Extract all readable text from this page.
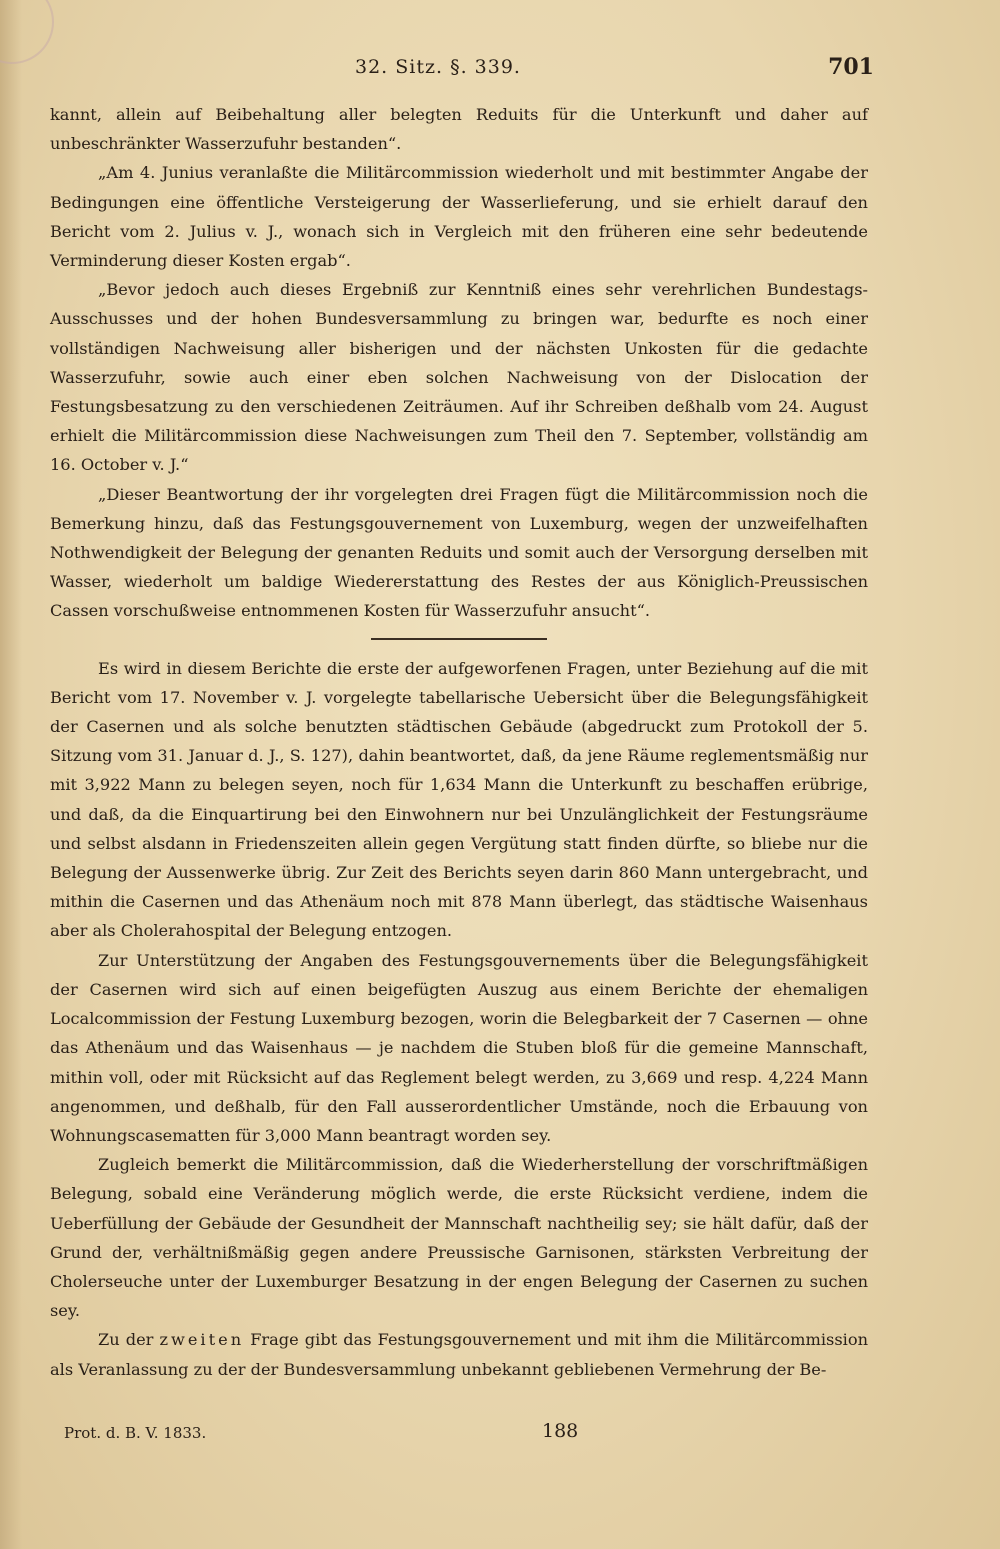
32. Sitz. §. 339.	701

kannt, allein auf Beibehaltung aller belegten Reduits für die Unterkunft und daher auf unbeschränkter Wasserzufuhr bestanden“.

„Am 4. Junius veranlaßte die Militärcommission wiederholt und mit bestimmter Angabe der Bedingungen eine öffentliche Versteigerung der Wasserlieferung, und sie erhielt darauf den Bericht vom 2. Julius v. J., wonach sich in Vergleich mit den früheren eine sehr bedeutende Verminderung dieser Kosten ergab“.

„Bevor jedoch auch dieses Ergebniß zur Kenntniß eines sehr verehrlichen Bundestags-Ausschusses und der hohen Bundesversammlung zu bringen war, bedurfte es noch einer vollständigen Nachweisung aller bisherigen und der nächsten Unkosten für die gedachte Wasserzufuhr, sowie auch einer eben solchen Nachweisung von der Dislocation der Festungsbesatzung zu den verschiedenen Zeiträumen. Auf ihr Schreiben deßhalb vom 24. August erhielt die Militärcommission diese Nachweisungen zum Theil den 7. September, vollständig am 16. October v. J.“

„Dieser Beantwortung der ihr vorgelegten drei Fragen fügt die Militärcommission noch die Bemerkung hinzu, daß das Festungsgouvernement von Luxemburg, wegen der unzweifelhaften Nothwendigkeit der Belegung der genanten Reduits und somit auch der Versorgung derselben mit Wasser, wiederholt um baldige Wiedererstattung des Restes der aus Königlich-Preussischen Cassen vorschußweise entnommenen Kosten für Wasserzufuhr ansucht“.

Es wird in diesem Berichte die erste der aufgeworfenen Fragen, unter Beziehung auf die mit Bericht vom 17. November v. J. vorgelegte tabellarische Uebersicht über die Belegungsfähigkeit der Casernen und als solche benutzten städtischen Gebäude (abgedruckt zum Protokoll der 5. Sitzung vom 31. Januar d. J., S. 127), dahin beantwortet, daß, da jene Räume reglementsmäßig nur mit 3,922 Mann zu belegen seyen, noch für 1,634 Mann die Unterkunft zu beschaffen erübrige, und daß, da die Einquartirung bei den Einwohnern nur bei Unzulänglichkeit der Festungsräume und selbst alsdann in Friedenszeiten allein gegen Vergütung statt finden dürfte, so bliebe nur die Belegung der Aussenwerke übrig. Zur Zeit des Berichts seyen darin 860 Mann untergebracht, und mithin die Casernen und das Athenäum noch mit 878 Mann überlegt, das städtische Waisenhaus aber als Cholerahospital der Belegung entzogen.

Zur Unterstützung der Angaben des Festungsgouvernements über die Belegungsfähigkeit der Casernen wird sich auf einen beigefügten Auszug aus einem Berichte der ehemaligen Localcommission der Festung Luxemburg bezogen, worin die Belegbarkeit der 7 Casernen — ohne das Athenäum und das Waisenhaus — je nachdem die Stuben bloß für die gemeine Mannschaft, mithin voll, oder mit Rücksicht auf das Reglement belegt werden, zu 3,669 und resp. 4,224 Mann angenommen, und deßhalb, für den Fall ausserordentlicher Umstände, noch die Erbauung von Wohnungscasematten für 3,000 Mann beantragt worden sey.

Zugleich bemerkt die Militärcommission, daß die Wiederherstellung der vorschriftmäßigen Belegung, sobald eine Veränderung möglich werde, die erste Rücksicht verdiene, indem die Ueberfüllung der Gebäude der Gesundheit der Mannschaft nachtheilig sey; sie hält dafür, daß der Grund der, verhältnißmäßig gegen andere Preussische Garnisonen, stärksten Verbreitung der Cholerseuche unter der Luxemburger Besatzung in der engen Belegung der Casernen zu suchen sey.

Zu der zweiten Frage gibt das Festungsgouvernement und mit ihm die Militärcommission als Veranlassung zu der der Bundesversammlung unbekannt gebliebenen Vermehrung der Be-

Prot. d. B. V. 1833.	188
